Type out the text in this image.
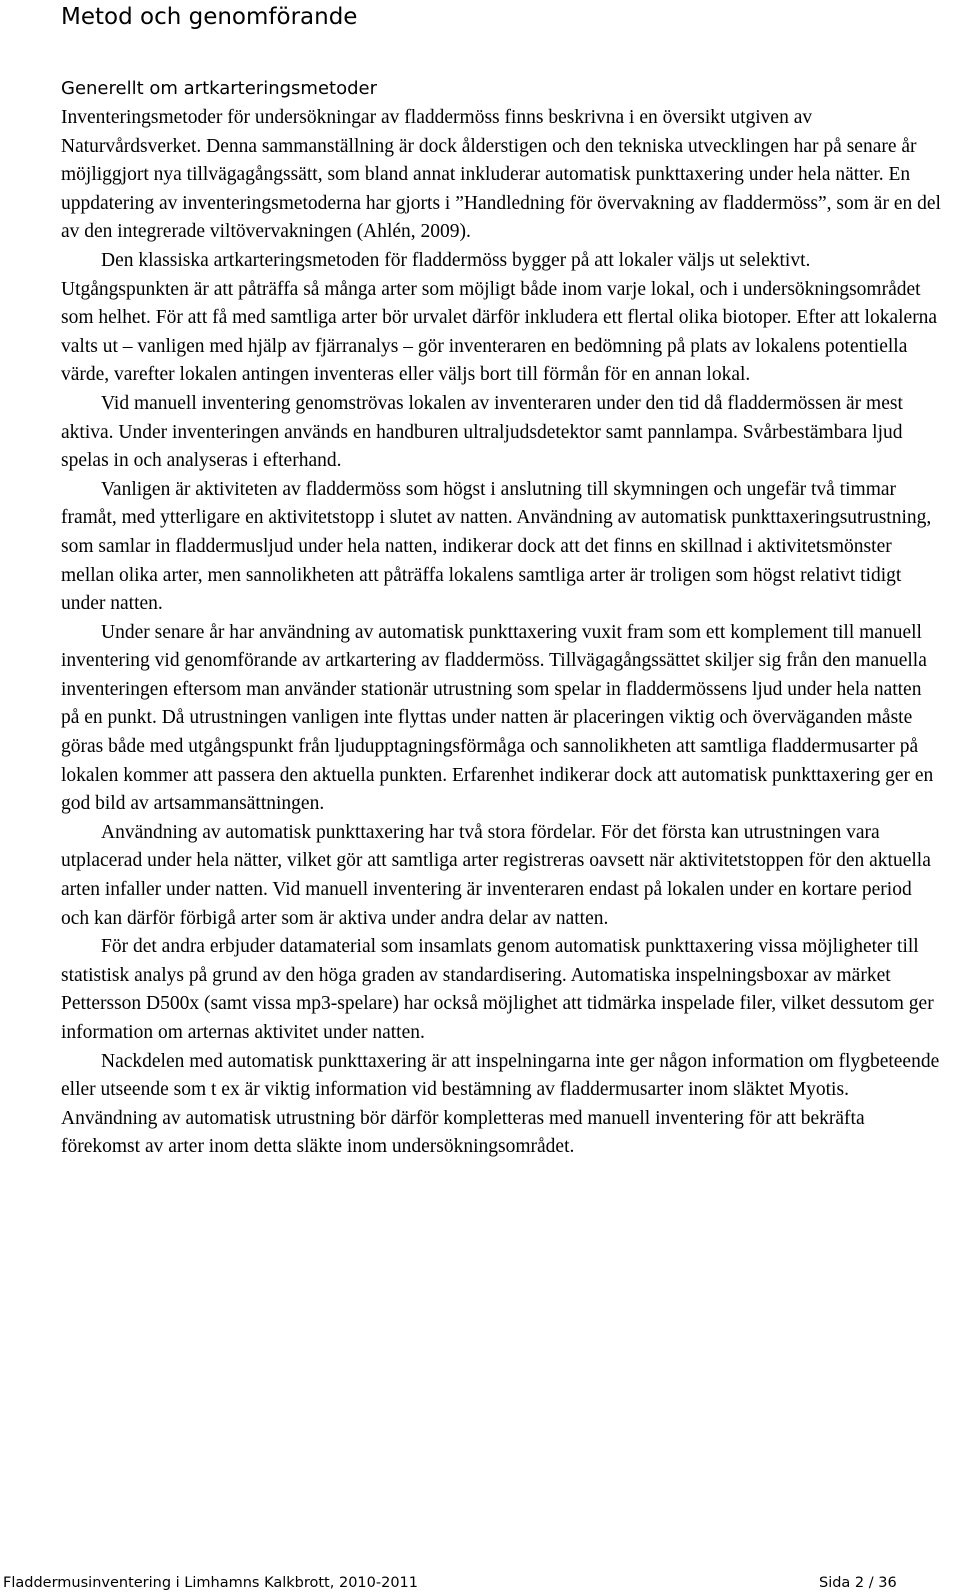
Metod och genomförande
Generellt om artkarteringsmetoder

Inventeringsmetoder för undersökningar av fladdermöss finns beskrivna i en översikt utgiven av Naturvårdsverket. Denna sammanställning är dock ålderstigen och den tekniska utvecklingen har på senare år möjliggjort nya tillvägagångssätt, som bland annat inkluderar automatisk punkttaxering under hela nätter. En uppdatering av inventeringsmetoderna har gjorts i ”Handledning för övervakning av fladdermöss”, som är en del av den integrerade viltövervakningen (Ahlén, 2009).

Den klassiska artkarteringsmetoden för fladdermöss bygger på att lokaler väljs ut selektivt. Utgångspunkten är att påträffa så många arter som möjligt både inom varje lokal, och i undersökningsområdet som helhet. För att få med samtliga arter bör urvalet därför inkludera ett flertal olika biotoper. Efter att lokalerna valts ut – vanligen med hjälp av fjärranalys – gör inventeraren en bedömning på plats av lokalens potentiella värde, varefter lokalen antingen inventeras eller väljs bort till förmån för en annan lokal.

Vid manuell inventering genomströvas lokalen av inventeraren under den tid då fladdermössen är mest aktiva. Under inventeringen används en handburen ultraljudsdetektor samt pannlampa. Svårbestämbara ljud spelas in och analyseras i efterhand.

Vanligen är aktiviteten av fladdermöss som högst i anslutning till skymningen och ungefär två timmar framåt, med ytterligare en aktivitetstopp i slutet av natten. Användning av automatisk punkttaxeringsutrustning, som samlar in fladdermusljud under hela natten, indikerar dock att det finns en skillnad i aktivitetsmönster mellan olika arter, men sannolikheten att påträffa lokalens samtliga arter är troligen som högst relativt tidigt under natten.

Under senare år har användning av automatisk punkttaxering vuxit fram som ett komplement till manuell inventering vid genomförande av artkartering av fladdermöss. Tillvägagångssättet skiljer sig från den manuella inventeringen eftersom man använder stationär utrustning som spelar in fladdermössens ljud under hela natten på en punkt. Då utrustningen vanligen inte flyttas under natten är placeringen viktig och överväganden måste göras både med utgångspunkt från ljudupptagningsförmåga och sannolikheten att samtliga fladdermusarter på lokalen kommer att passera den aktuella punkten. Erfarenhet indikerar dock att automatisk punkttaxering ger en god bild av artsammansättningen.

Användning av automatisk punkttaxering har två stora fördelar. För det första kan utrustningen vara utplacerad under hela nätter, vilket gör att samtliga arter registreras oavsett när aktivitetstoppen för den aktuella arten infaller under natten. Vid manuell inventering är inventeraren endast på lokalen under en kortare period och kan därför förbigå arter som är aktiva under andra delar av natten.

För det andra erbjuder datamaterial som insamlats genom automatisk punkttaxering vissa möjligheter till statistisk analys på grund av den höga graden av standardisering. Automatiska inspelningsboxar av märket Pettersson D500x (samt vissa mp3-spelare) har också möjlighet att tidmärka inspelade filer, vilket dessutom ger information om arternas aktivitet under natten.

Nackdelen med automatisk punkttaxering är att inspelningarna inte ger någon information om flygbeteende eller utseende som t ex är viktig information vid bestämning av fladdermusarter inom släktet Myotis. Användning av automatisk utrustning bör därför kompletteras med manuell inventering för att bekräfta förekomst av arter inom detta släkte inom undersökningsområdet.

Fladdermusinventering i Limhamns Kalkbrott, 2010-2011	Sida 2 / 36
